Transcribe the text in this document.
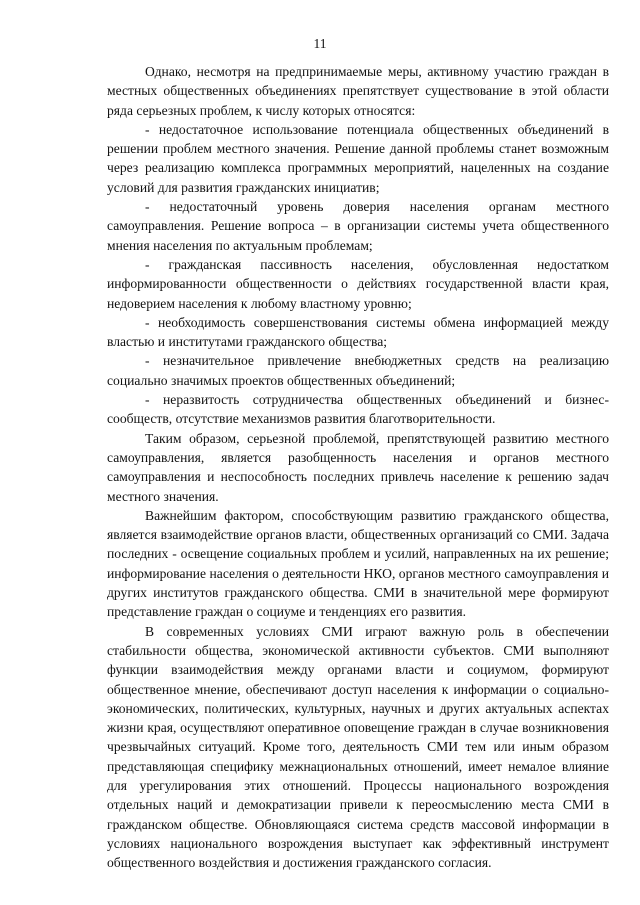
11

Однако, несмотря на предпринимаемые меры, активному участию граждан в местных общественных объединениях препятствует существование в этой области ряда серьезных проблем, к числу которых относятся:

- недостаточное использование потенциала общественных объединений в решении проблем местного значения. Решение данной проблемы станет возможным через реализацию комплекса программных мероприятий, нацеленных на создание условий для развития гражданских инициатив;

- недостаточный уровень доверия населения органам местного самоуправления. Решение вопроса – в организации системы учета общественного мнения населения по актуальным проблемам;

- гражданская пассивность населения, обусловленная недостатком информированности общественности о действиях государственной власти края, недоверием населения к любому властному уровню;

- необходимость совершенствования системы обмена информацией между властью и институтами гражданского общества;

- незначительное привлечение внебюджетных средств на реализацию социально значимых проектов общественных объединений;

- неразвитость сотрудничества общественных объединений и бизнес-сообществ, отсутствие механизмов развития благотворительности.

Таким образом, серьезной проблемой, препятствующей развитию местного самоуправления, является разобщенность населения и органов местного самоуправления и неспособность последних привлечь население к решению задач местного значения.

Важнейшим фактором, способствующим развитию гражданского общества, является взаимодействие органов власти, общественных организаций со СМИ. Задача последних - освещение социальных проблем и усилий, направленных на их решение; информирование населения о деятельности НКО, органов местного самоуправления и других институтов гражданского общества. СМИ в значительной мере формируют представление граждан о социуме и тенденциях его развития.

В современных условиях СМИ играют важную роль в обеспечении стабильности общества, экономической активности субъектов. СМИ выполняют функции взаимодействия между органами власти и социумом, формируют общественное мнение, обеспечивают доступ населения к информации о социально-экономических, политических, культурных, научных и других актуальных аспектах жизни края, осуществляют оперативное оповещение граждан в случае возникновения чрезвычайных ситуаций. Кроме того, деятельность СМИ тем или иным образом представляющая специфику межнациональных отношений, имеет немалое влияние для урегулирования этих отношений. Процессы национального возрождения отдельных наций и демократизации привели к переосмыслению места СМИ в гражданском обществе. Обновляющаяся система средств массовой информации в условиях национального возрождения выступает как эффективный инструмент общественного воздействия и достижения гражданского согласия.
